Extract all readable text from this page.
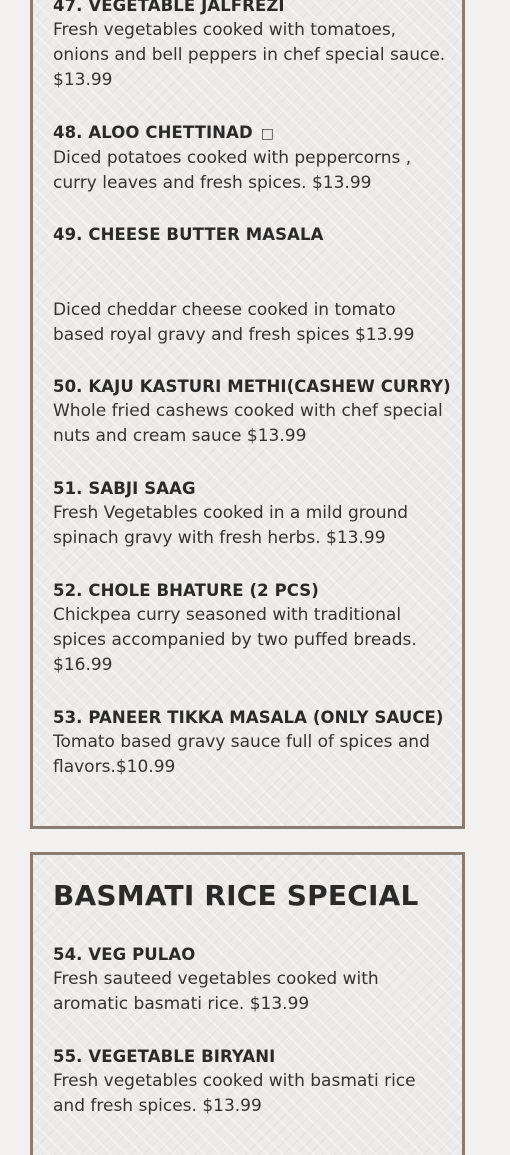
47. VEGETABLE JALFREZI

Fresh vegetables cooked with tomatoes, onions and bell peppers in chef special sauce. $13.99

48. ALOO CHETTINAD □

Diced potatoes cooked with peppercorns , curry leaves and fresh spices. $13.99

49. CHEESE BUTTER MASALA

Diced cheddar cheese cooked in tomato based royal gravy and fresh spices $13.99

50. KAJU KASTURI METHI(CASHEW CURRY)

Whole fried cashews cooked with chef special nuts and cream sauce $13.99

51. SABJI SAAG

Fresh Vegetables cooked in a mild ground spinach gravy with fresh herbs. $13.99

52. CHOLE BHATURE (2 PCS)

Chickpea curry seasoned with traditional spices accompanied by two puffed breads. $16.99

53. PANEER TIKKA MASALA (ONLY SAUCE)

Tomato based gravy sauce full of spices and flavors.$10.99

BASMATI RICE SPECIAL

54. VEG PULAO

Fresh sauteed vegetables cooked with aromatic basmati rice. $13.99

55. VEGETABLE BIRYANI

Fresh vegetables cooked with basmati rice and fresh spices. $13.99
